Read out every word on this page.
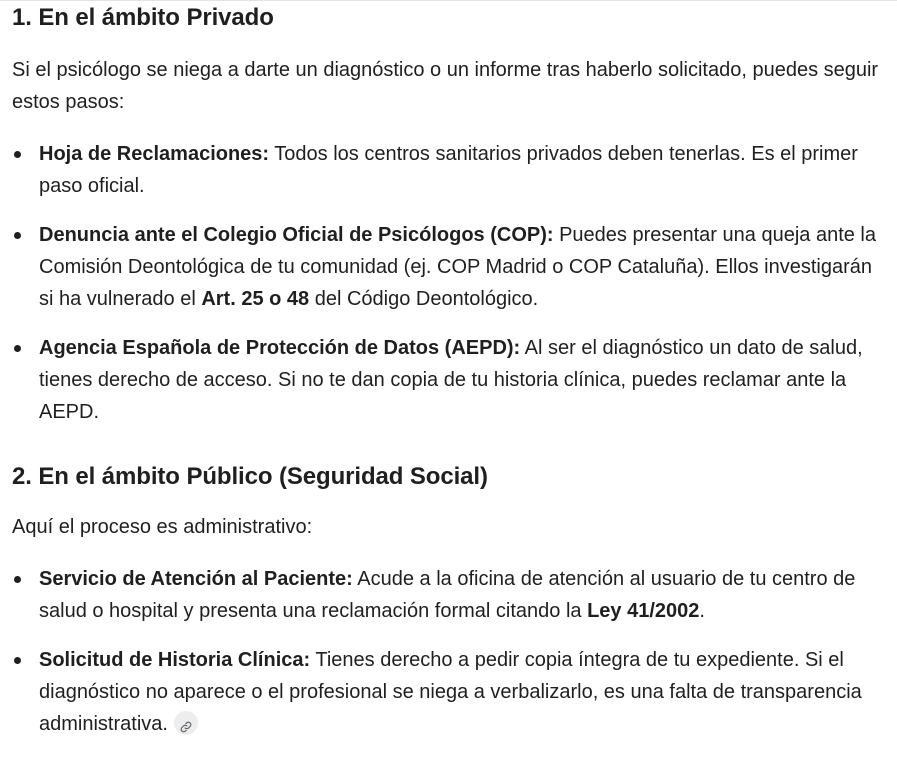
1. En el ámbito Privado

Si el psicólogo se niega a darte un diagnóstico o un informe tras haberlo solicitado, puedes seguir estos pasos:

Hoja de Reclamaciones: Todos los centros sanitarios privados deben tenerlas. Es el primer paso oficial.
Denuncia ante el Colegio Oficial de Psicólogos (COP): Puedes presentar una queja ante la Comisión Deontológica de tu comunidad (ej. COP Madrid o COP Cataluña). Ellos investigarán si ha vulnerado el Art. 25 o 48 del Código Deontológico.
Agencia Española de Protección de Datos (AEPD): Al ser el diagnóstico un dato de salud, tienes derecho de acceso. Si no te dan copia de tu historia clínica, puedes reclamar ante la AEPD.
2. En el ámbito Público (Seguridad Social)

Aquí el proceso es administrativo:

Servicio de Atención al Paciente: Acude a la oficina de atención al usuario de tu centro de salud o hospital y presenta una reclamación formal citando la Ley 41/2002.
Solicitud de Historia Clínica: Tienes derecho a pedir copia íntegra de tu expediente. Si el diagnóstico no aparece o el profesional se niega a verbalizarlo, es una falta de transparencia administrativa.
